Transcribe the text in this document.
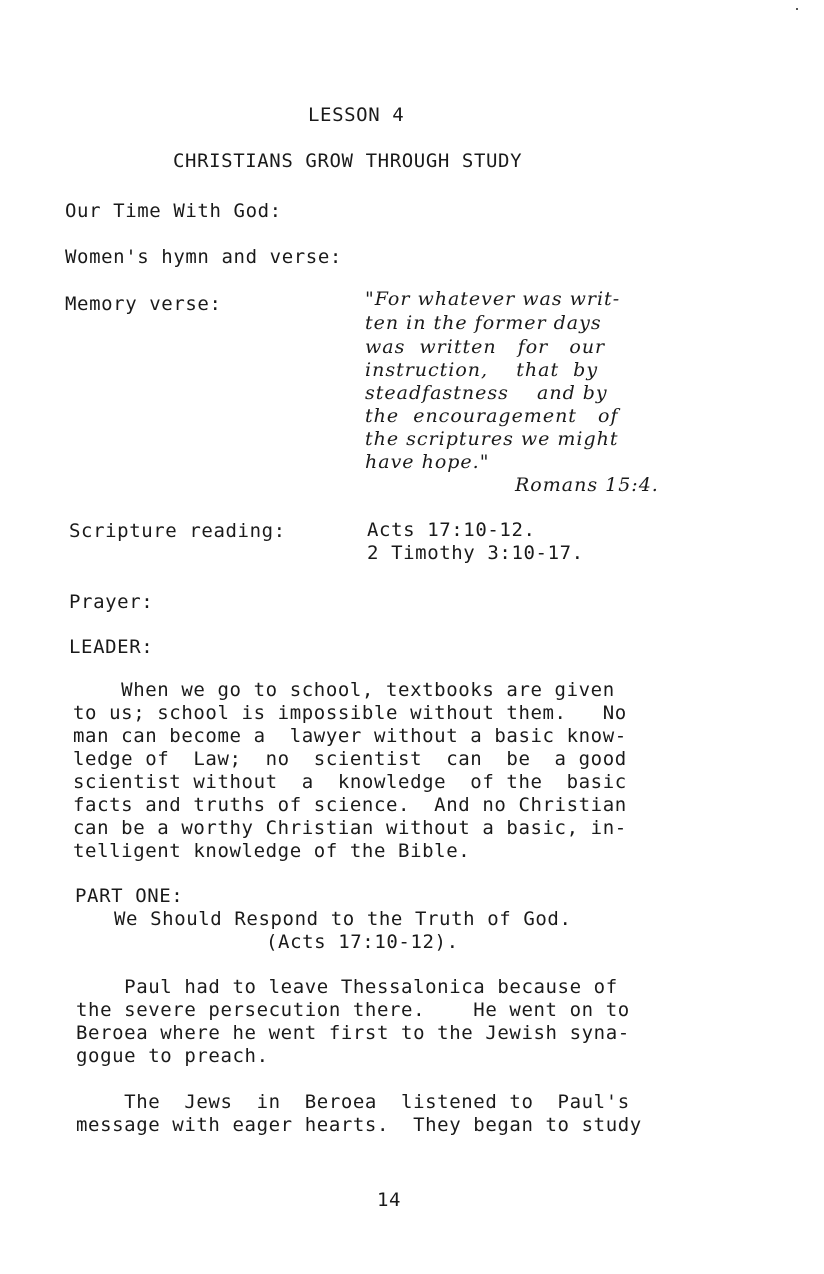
LESSON 4
CHRISTIANS GROW THROUGH STUDY
Our Time With God:
Women's hymn and verse:
Memory verse:	"For whatever was writ-
ten in the former days
was  written   for   our
instruction,    that  by
steadfastness    and by
the  encouragement   of
the scriptures we might
have hope."
Romans 15:4.
Scripture reading:	Acts 17:10-12.
2 Timothy 3:10-17.
Prayer:
LEADER:
When we go to school, textbooks are given
to us; school is impossible without them.   No
man can become a  lawyer without a basic know-
ledge of  Law;  no  scientist  can  be  a good
scientist without  a  knowledge  of the  basic
facts and truths of science.  And no Christian
can be a worthy Christian without a basic, in-
telligent knowledge of the Bible.
PART ONE:
We Should Respond to the Truth of God.
(Acts 17:10-12).
Paul had to leave Thessalonica because of
the severe persecution there.    He went on to
Beroea where he went first to the Jewish syna-
gogue to preach.
The  Jews  in  Beroea  listened to  Paul's
message with eager hearts.  They began to study
14
